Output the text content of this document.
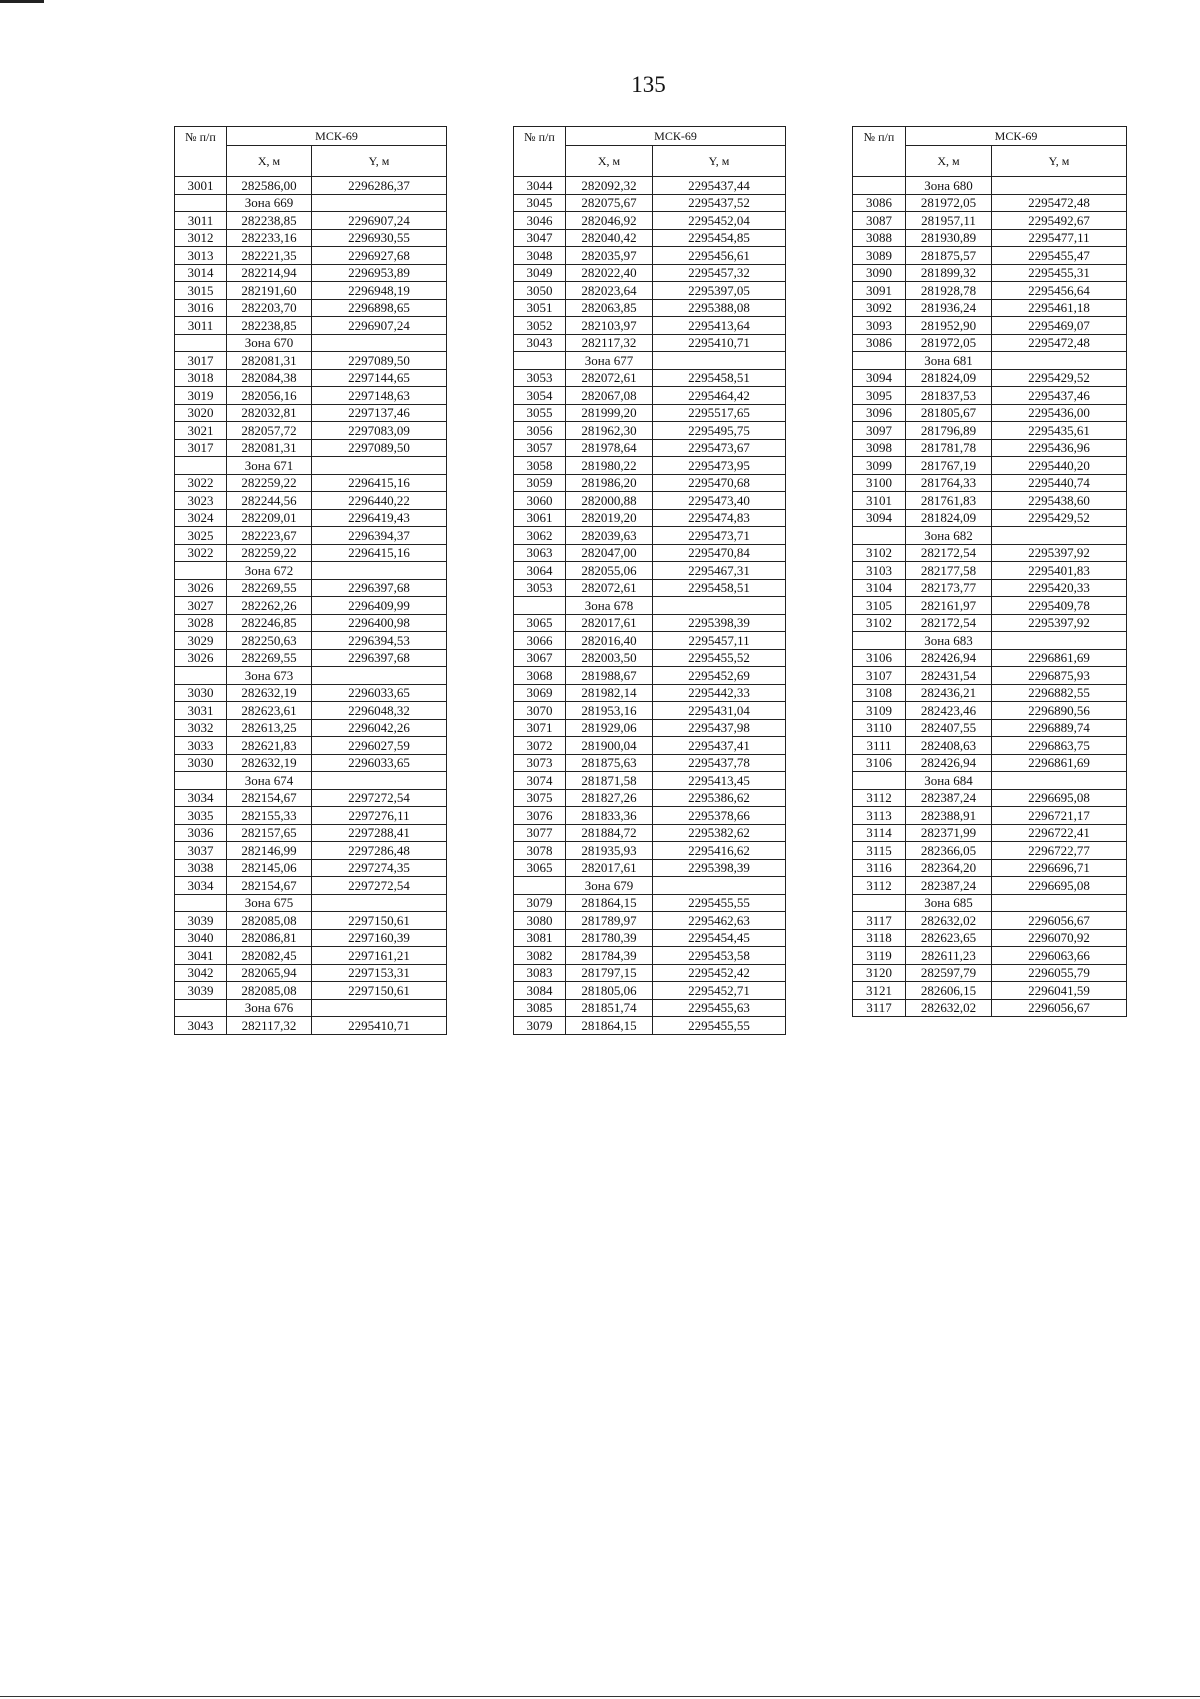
135
№ п/п	МСК-69	
	X, м	Y, м
3001	282586,00	2296286,37
	Зона 669	
3011	282238,85	2296907,24
3012	282233,16	2296930,55
3013	282221,35	2296927,68
3014	282214,94	2296953,89
3015	282191,60	2296948,19
3016	282203,70	2296898,65
3011	282238,85	2296907,24
	Зона 670	
3017	282081,31	2297089,50
3018	282084,38	2297144,65
3019	282056,16	2297148,63
3020	282032,81	2297137,46
3021	282057,72	2297083,09
3017	282081,31	2297089,50
	Зона 671	
3022	282259,22	2296415,16
3023	282244,56	2296440,22
3024	282209,01	2296419,43
3025	282223,67	2296394,37
3022	282259,22	2296415,16
	Зона 672	
3026	282269,55	2296397,68
3027	282262,26	2296409,99
3028	282246,85	2296400,98
3029	282250,63	2296394,53
3026	282269,55	2296397,68
	Зона 673	
3030	282632,19	2296033,65
3031	282623,61	2296048,32
3032	282613,25	2296042,26
3033	282621,83	2296027,59
3030	282632,19	2296033,65
	Зона 674	
3034	282154,67	2297272,54
3035	282155,33	2297276,11
3036	282157,65	2297288,41
3037	282146,99	2297286,48
3038	282145,06	2297274,35
3034	282154,67	2297272,54
	Зона 675	
3039	282085,08	2297150,61
3040	282086,81	2297160,39
3041	282082,45	2297161,21
3042	282065,94	2297153,31
3039	282085,08	2297150,61
	Зона 676	
3043	282117,32	2295410,71
№ п/п	МСК-69	
	X, м	Y, м
3044	282092,32	2295437,44
3045	282075,67	2295437,52
3046	282046,92	2295452,04
3047	282040,42	2295454,85
3048	282035,97	2295456,61
3049	282022,40	2295457,32
3050	282023,64	2295397,05
3051	282063,85	2295388,08
3052	282103,97	2295413,64
3043	282117,32	2295410,71
	Зона 677	
3053	282072,61	2295458,51
3054	282067,08	2295464,42
3055	281999,20	2295517,65
3056	281962,30	2295495,75
3057	281978,64	2295473,67
3058	281980,22	2295473,95
3059	281986,20	2295470,68
3060	282000,88	2295473,40
3061	282019,20	2295474,83
3062	282039,63	2295473,71
3063	282047,00	2295470,84
3064	282055,06	2295467,31
3053	282072,61	2295458,51
	Зона 678	
3065	282017,61	2295398,39
3066	282016,40	2295457,11
3067	282003,50	2295455,52
3068	281988,67	2295452,69
3069	281982,14	2295442,33
3070	281953,16	2295431,04
3071	281929,06	2295437,98
3072	281900,04	2295437,41
3073	281875,63	2295437,78
3074	281871,58	2295413,45
3075	281827,26	2295386,62
3076	281833,36	2295378,66
3077	281884,72	2295382,62
3078	281935,93	2295416,62
3065	282017,61	2295398,39
	Зона 679	
3079	281864,15	2295455,55
3080	281789,97	2295462,63
3081	281780,39	2295454,45
3082	281784,39	2295453,58
3083	281797,15	2295452,42
3084	281805,06	2295452,71
3085	281851,74	2295455,63
3079	281864,15	2295455,55
№ п/п	МСК-69	
	X, м	Y, м
	Зона 680	
3086	281972,05	2295472,48
3087	281957,11	2295492,67
3088	281930,89	2295477,11
3089	281875,57	2295455,47
3090	281899,32	2295455,31
3091	281928,78	2295456,64
3092	281936,24	2295461,18
3093	281952,90	2295469,07
3086	281972,05	2295472,48
	Зона 681	
3094	281824,09	2295429,52
3095	281837,53	2295437,46
3096	281805,67	2295436,00
3097	281796,89	2295435,61
3098	281781,78	2295436,96
3099	281767,19	2295440,20
3100	281764,33	2295440,74
3101	281761,83	2295438,60
3094	281824,09	2295429,52
	Зона 682	
3102	282172,54	2295397,92
3103	282177,58	2295401,83
3104	282173,77	2295420,33
3105	282161,97	2295409,78
3102	282172,54	2295397,92
	Зона 683	
3106	282426,94	2296861,69
3107	282431,54	2296875,93
3108	282436,21	2296882,55
3109	282423,46	2296890,56
3110	282407,55	2296889,74
3111	282408,63	2296863,75
3106	282426,94	2296861,69
	Зона 684	
3112	282387,24	2296695,08
3113	282388,91	2296721,17
3114	282371,99	2296722,41
3115	282366,05	2296722,77
3116	282364,20	2296696,71
3112	282387,24	2296695,08
	Зона 685	
3117	282632,02	2296056,67
3118	282623,65	2296070,92
3119	282611,23	2296063,66
3120	282597,79	2296055,79
3121	282606,15	2296041,59
3117	282632,02	2296056,67
